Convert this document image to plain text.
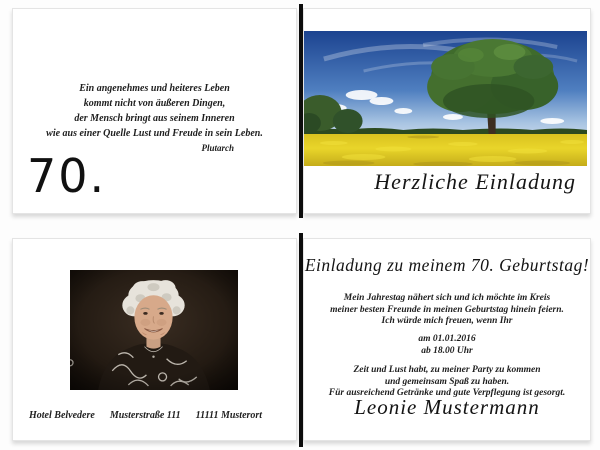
Ein angenehmes und heiteres Leben
kommt nicht von äußeren Dingen,
der Mensch bringt aus seinem Inneren
wie aus einer Quelle Lust und Freude in sein Leben.
Plutarch
70.	Herzliche Einladung
Hotel Belvedere Musterstraße 111 11111 Musterort
Einladung zu meinem 70. Geburtstag!
Mein Jahrestag nähert sich und ich möchte im Kreis
meiner besten Freunde in meinen Geburtstag hinein feiern.
Ich würde mich freuen, wenn Ihr
am 01.01.2016
ab 18.00 Uhr
Zeit und Lust habt, zu meiner Party zu kommen
und gemeinsam Spaß zu haben.
Für ausreichend Getränke und gute Verpflegung ist gesorgt.
Leonie Mustermann
